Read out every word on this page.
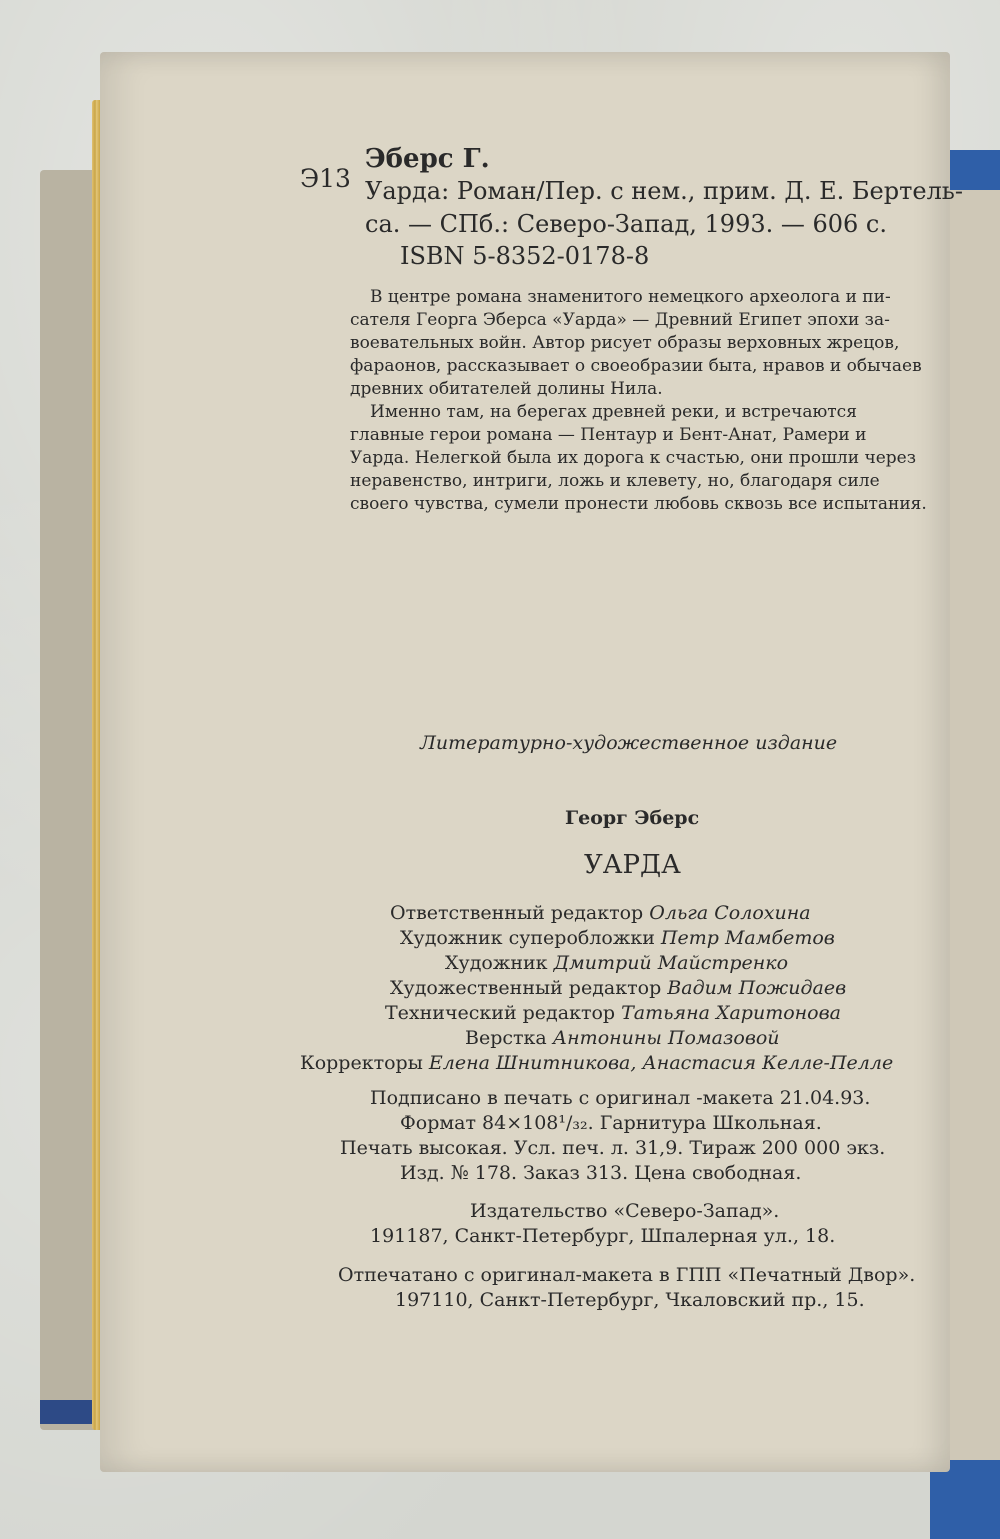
Э13
Эберс Г.
Уарда: Роман/Пер. с нем., прим. Д. Е. Бертель-
са. — СПб.: Северо-Запад, 1993. — 606 с.
ISBN 5-8352-0178-8
В центре романа знаменитого немецкого археолога и пи-
сателя Георга Эберса «Уарда» — Древний Египет эпохи за-
воевательных войн. Автор рисует образы верховных жрецов,
фараонов, рассказывает о своеобразии быта, нравов и обычаев
древних обитателей долины Нила.
Именно там, на берегах древней реки, и встречаются
главные герои романа — Пентаур и Бент-Анат, Рамери и
Уарда. Нелегкой была их дорога к счастью, они прошли через
неравенство, интриги, ложь и клевету, но, благодаря силе
своего чувства, сумели пронести любовь сквозь все испытания.
Литературно-художественное издание
Георг Эберс
УАРДА
Ответственный редактор Ольга Солохина
Художник суперобложки Петр Мамбетов
Художник Дмитрий Майстренко
Художественный редактор Вадим Пожидаев
Технический редактор Татьяна Харитонова
Верстка Антонины Помазовой
Корректоры Елена Шнитникова, Анастасия Келле-Пелле
Подписано в печать с оригинал -макета 21.04.93.
Формат 84×108¹/₃₂. Гарнитура Школьная.
Печать высокая. Усл. печ. л. 31,9. Тираж 200 000 экз.
Изд. № 178. Заказ 313. Цена свободная.
Издательство «Северо-Запад».
191187, Санкт-Петербург, Шпалерная ул., 18.
Отпечатано с оригинал-макета в ГПП «Печатный Двор».
197110, Санкт-Петербург, Чкаловский пр., 15.
